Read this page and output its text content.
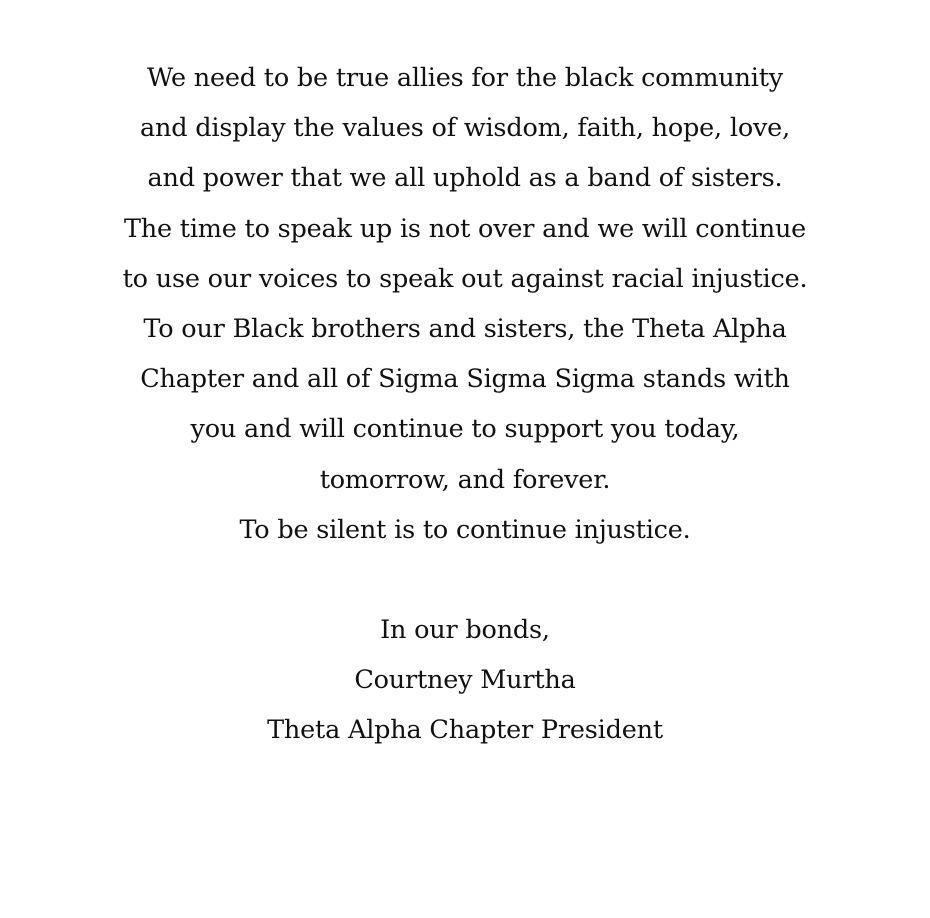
We need to be true allies for the black community
and display the values of wisdom, faith, hope, love,
and power that we all uphold as a band of sisters.
The time to speak up is not over and we will continue
to use our voices to speak out against racial injustice.
To our Black brothers and sisters, the Theta Alpha
Chapter and all of Sigma Sigma Sigma stands with
you and will continue to support you today,
tomorrow, and forever.
To be silent is to continue injustice.
In our bonds,
Courtney Murtha
Theta Alpha Chapter President
